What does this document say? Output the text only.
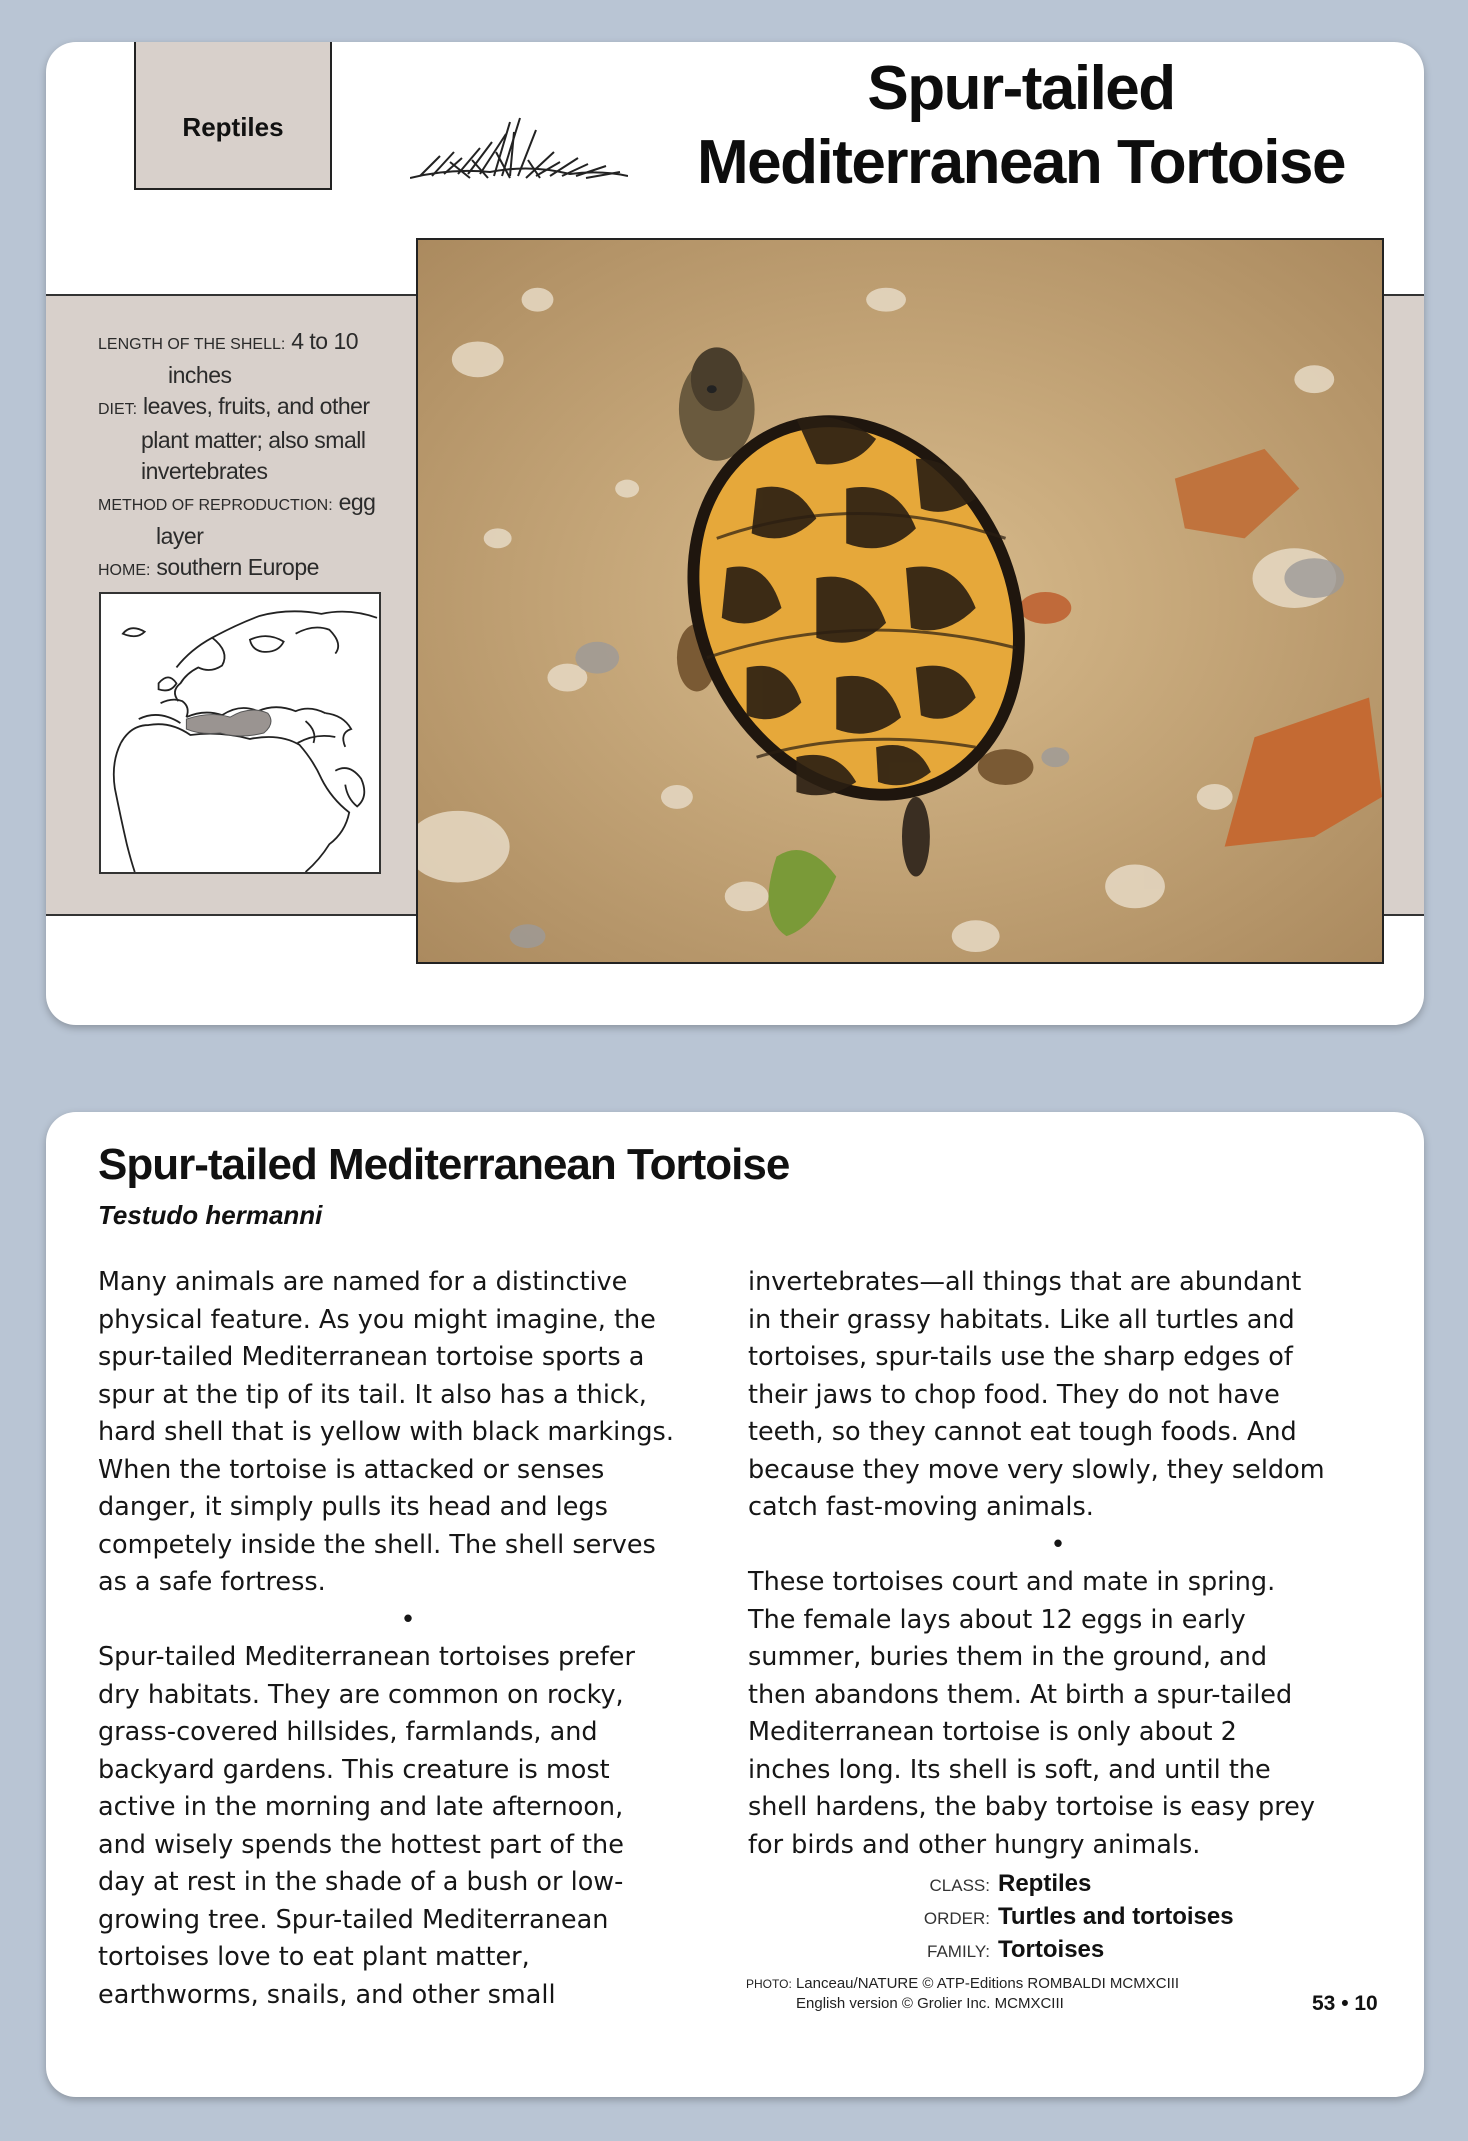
Reptiles
Spur-tailed
Mediterranean Tortoise

LENGTH OF THE SHELL: 4 to 10

inches

DIET: leaves, fruits, and other

plant matter; also small

invertebrates

METHOD OF REPRODUCTION: egg

layer

HOME: southern Europe

Spur-tailed Mediterranean Tortoise
Testudo hermanni

Many animals are named for a distinctive

physical feature. As you might imagine, the

spur-tailed Mediterranean tortoise sports a

spur at the tip of its tail. It also has a thick,

hard shell that is yellow with black markings.

When the tortoise is attacked or senses

danger, it simply pulls its head and legs

competely inside the shell. The shell serves

as a safe fortress.

•

Spur-tailed Mediterranean tortoises prefer

dry habitats. They are common on rocky,

grass-covered hillsides, farmlands, and

backyard gardens. This creature is most

active in the morning and late afternoon,

and wisely spends the hottest part of the

day at rest in the shade of a bush or low-

growing tree. Spur-tailed Mediterranean

tortoises love to eat plant matter,

earthworms, snails, and other small

invertebrates—all things that are abundant

in their grassy habitats. Like all turtles and

tortoises, spur-tails use the sharp edges of

their jaws to chop food. They do not have

teeth, so they cannot eat tough foods. And

because they move very slowly, they seldom

catch fast-moving animals.

•

These tortoises court and mate in spring.

The female lays about 12 eggs in early

summer, buries them in the ground, and

then abandons them. At birth a spur-tailed

Mediterranean tortoise is only about 2

inches long. Its shell is soft, and until the

shell hardens, the baby tortoise is easy prey

for birds and other hungry animals.

CLASS: Reptiles
ORDER: Turtles and tortoises
FAMILY: Tortoises
PHOTO: Lanceau/NATURE © ATP-Editions ROMBALDI MCMXCIII
English version © Grolier Inc. MCMXCIII	53 • 10
